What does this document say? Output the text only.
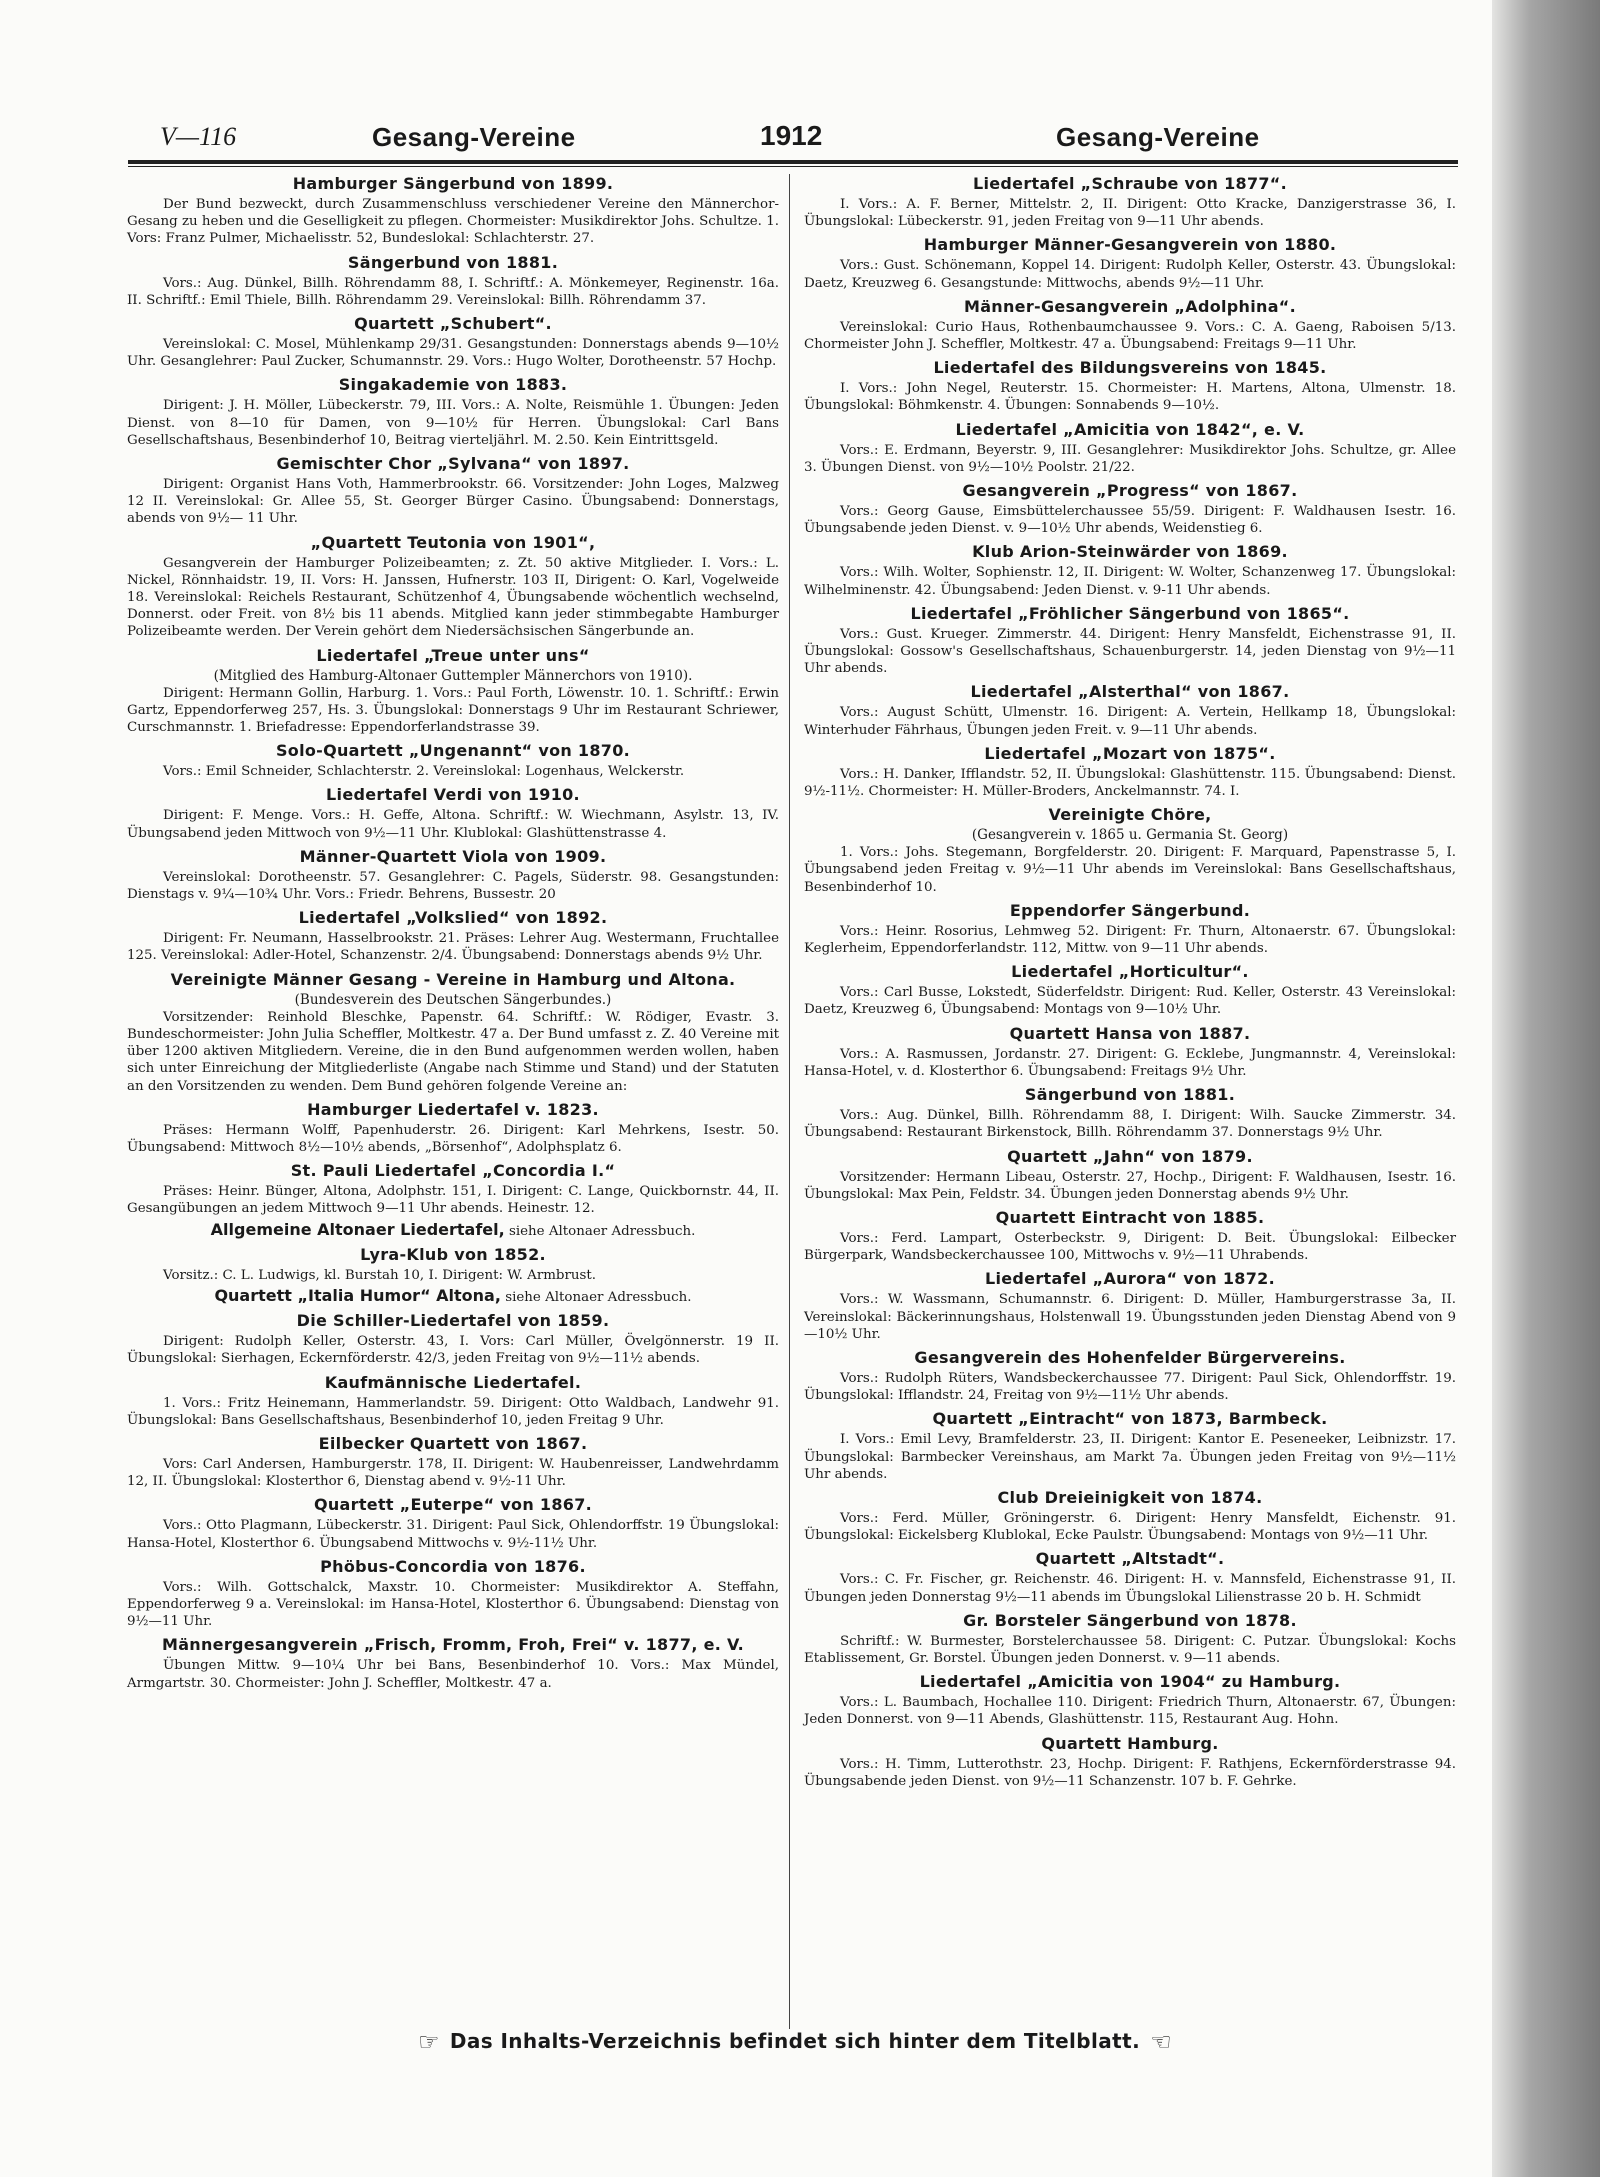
V—116	Gesang-Vereine	1912	Gesang-Vereine
Hamburger Sängerbund von 1899.
Der Bund bezweckt, durch Zusammenschluss verschiedener Vereine den Männerchor-Gesang zu heben und die Geselligkeit zu pflegen. Chormeister: Musikdirektor Johs. Schultze. 1. Vors: Franz Pulmer, Michaelisstr. 52, Bundeslokal: Schlachterstr. 27.
Sängerbund von 1881.
Vors.: Aug. Dünkel, Billh. Röhrendamm 88, I. Schriftf.: A. Mönkemeyer, Reginenstr. 16a. II. Schriftf.: Emil Thiele, Billh. Röhrendamm 29. Vereinslokal: Billh. Röhrendamm 37.
Quartett „Schubert“.
Vereinslokal: C. Mosel, Mühlenkamp 29/31. Gesangstunden: Donnerstags abends 9—10½ Uhr. Gesanglehrer: Paul Zucker, Schumannstr. 29. Vors.: Hugo Wolter, Dorotheenstr. 57 Hochp.
Singakademie von 1883.
Dirigent: J. H. Möller, Lübeckerstr. 79, III. Vors.: A. Nolte, Reismühle 1. Übungen: Jeden Dienst. von 8—10 für Damen, von 9—10½ für Herren. Übungslokal: Carl Bans Gesellschaftshaus, Besenbinderhof 10, Beitrag vierteljährl. M. 2.50. Kein Eintrittsgeld.
Gemischter Chor „Sylvana“ von 1897.
Dirigent: Organist Hans Voth, Hammerbrookstr. 66. Vorsitzender: John Loges, Malzweg 12 II. Vereinslokal: Gr. Allee 55, St. Georger Bürger Casino. Übungsabend: Donnerstags, abends von 9½— 11 Uhr.
„Quartett Teutonia von 1901“,
Gesangverein der Hamburger Polizeibeamten; z. Zt. 50 aktive Mitglieder. I. Vors.: L. Nickel, Rönnhaidstr. 19, II. Vors: H. Janssen, Hufnerstr. 103 II, Dirigent: O. Karl, Vogelweide 18. Vereinslokal: Reichels Restaurant, Schützenhof 4, Übungsabende wöchentlich wechselnd, Donnerst. oder Freit. von 8½ bis 11 abends. Mitglied kann jeder stimmbegabte Hamburger Polizeibeamte werden. Der Verein gehört dem Niedersächsischen Sängerbunde an.
Liedertafel „Treue unter uns“
(Mitglied des Hamburg-Altonaer Guttempler Männerchors von 1910).
Dirigent: Hermann Gollin, Harburg. 1. Vors.: Paul Forth, Löwenstr. 10. 1. Schriftf.: Erwin Gartz, Eppendorferweg 257, Hs. 3. Übungslokal: Donnerstags 9 Uhr im Restaurant Schriewer, Curschmannstr. 1. Briefadresse: Eppendorferlandstrasse 39.
Solo-Quartett „Ungenannt“ von 1870.
Vors.: Emil Schneider, Schlachterstr. 2. Vereinslokal: Logenhaus, Welckerstr.
Liedertafel Verdi von 1910.
Dirigent: F. Menge. Vors.: H. Geffe, Altona. Schriftf.: W. Wiechmann, Asylstr. 13, IV. Übungsabend jeden Mittwoch von 9½—11 Uhr. Klublokal: Glashüttenstrasse 4.
Männer-Quartett Viola von 1909.
Vereinslokal: Dorotheenstr. 57. Gesanglehrer: C. Pagels, Süderstr. 98. Gesangstunden: Dienstags v. 9¼—10¾ Uhr. Vors.: Friedr. Behrens, Bussestr. 20
Liedertafel „Volkslied“ von 1892.
Dirigent: Fr. Neumann, Hasselbrookstr. 21. Präses: Lehrer Aug. Westermann, Fruchtallee 125. Vereinslokal: Adler-Hotel, Schanzenstr. 2/4. Übungsabend: Donnerstags abends 9½ Uhr.
Vereinigte Männer Gesang - Vereine in Hamburg und Altona.
(Bundesverein des Deutschen Sängerbundes.)
Vorsitzender: Reinhold Bleschke, Papenstr. 64. Schriftf.: W. Rödiger, Evastr. 3. Bundeschormeister: John Julia Scheffler, Moltkestr. 47 a. Der Bund umfasst z. Z. 40 Vereine mit über 1200 aktiven Mitgliedern. Vereine, die in den Bund aufgenommen werden wollen, haben sich unter Einreichung der Mitgliederliste (Angabe nach Stimme und Stand) und der Statuten an den Vorsitzenden zu wenden. Dem Bund gehören folgende Vereine an:
Hamburger Liedertafel v. 1823.
Präses: Hermann Wolff, Papenhuderstr. 26. Dirigent: Karl Mehrkens, Isestr. 50. Übungsabend: Mittwoch 8½—10½ abends, „Börsenhof“, Adolphsplatz 6.
St. Pauli Liedertafel „Concordia I.“
Präses: Heinr. Bünger, Altona, Adolphstr. 151, I. Dirigent: C. Lange, Quickbornstr. 44, II. Gesangübungen an jedem Mittwoch 9—11 Uhr abends. Heinestr. 12.
Allgemeine Altonaer Liedertafel, siehe Altonaer Adressbuch.
Lyra-Klub von 1852.
Vorsitz.: C. L. Ludwigs, kl. Burstah 10, I. Dirigent: W. Armbrust.
Quartett „Italia Humor“ Altona, siehe Altonaer Adressbuch.
Die Schiller-Liedertafel von 1859.
Dirigent: Rudolph Keller, Osterstr. 43, I. Vors: Carl Müller, Övelgönnerstr. 19 II. Übungslokal: Sierhagen, Eckernförderstr. 42/3, jeden Freitag von 9½—11½ abends.
Kaufmännische Liedertafel.
1. Vors.: Fritz Heinemann, Hammerlandstr. 59. Dirigent: Otto Waldbach, Landwehr 91. Übungslokal: Bans Gesellschaftshaus, Besenbinderhof 10, jeden Freitag 9 Uhr.
Eilbecker Quartett von 1867.
Vors: Carl Andersen, Hamburgerstr. 178, II. Dirigent: W. Haubenreisser, Landwehrdamm 12, II. Übungslokal: Klosterthor 6, Dienstag abend v. 9½-11 Uhr.
Quartett „Euterpe“ von 1867.
Vors.: Otto Plagmann, Lübeckerstr. 31. Dirigent: Paul Sick, Ohlendorffstr. 19 Übungslokal: Hansa-Hotel, Klosterthor 6. Übungsabend Mittwochs v. 9½-11½ Uhr.
Phöbus-Concordia von 1876.
Vors.: Wilh. Gottschalck, Maxstr. 10. Chormeister: Musikdirektor A. Steffahn, Eppendorferweg 9 a. Vereinslokal: im Hansa-Hotel, Klosterthor 6. Übungsabend: Dienstag von 9½—11 Uhr.
Männergesangverein „Frisch, Fromm, Froh, Frei“ v. 1877, e. V.
Übungen Mittw. 9—10¼ Uhr bei Bans, Besenbinderhof 10. Vors.: Max Mündel, Armgartstr. 30. Chormeister: John J. Scheffler, Moltkestr. 47 a.
Liedertafel „Schraube von 1877“.
I. Vors.: A. F. Berner, Mittelstr. 2, II. Dirigent: Otto Kracke, Danzigerstrasse 36, I. Übungslokal: Lübeckerstr. 91, jeden Freitag von 9—11 Uhr abends.
Hamburger Männer-Gesangverein von 1880.
Vors.: Gust. Schönemann, Koppel 14. Dirigent: Rudolph Keller, Osterstr. 43. Übungslokal: Daetz, Kreuzweg 6. Gesangstunde: Mittwochs, abends 9½—11 Uhr.
Männer-Gesangverein „Adolphina“.
Vereinslokal: Curio Haus, Rothenbaumchaussee 9. Vors.: C. A. Gaeng, Raboisen 5/13. Chormeister John J. Scheffler, Moltkestr. 47 a. Übungsabend: Freitags 9—11 Uhr.
Liedertafel des Bildungsvereins von 1845.
I. Vors.: John Negel, Reuterstr. 15. Chormeister: H. Martens, Altona, Ulmenstr. 18. Übungslokal: Böhmkenstr. 4. Übungen: Sonnabends 9—10½.
Liedertafel „Amicitia von 1842“, e. V.
Vors.: E. Erdmann, Beyerstr. 9, III. Gesanglehrer: Musikdirektor Johs. Schultze, gr. Allee 3. Übungen Dienst. von 9½—10½ Poolstr. 21/22.
Gesangverein „Progress“ von 1867.
Vors.: Georg Gause, Eimsbüttelerchaussee 55/59. Dirigent: F. Waldhausen Isestr. 16. Übungsabende jeden Dienst. v. 9—10½ Uhr abends, Weidenstieg 6.
Klub Arion-Steinwärder von 1869.
Vors.: Wilh. Wolter, Sophienstr. 12, II. Dirigent: W. Wolter, Schanzenweg 17. Übungslokal: Wilhelminenstr. 42. Übungsabend: Jeden Dienst. v. 9-11 Uhr abends.
Liedertafel „Fröhlicher Sängerbund von 1865“.
Vors.: Gust. Krueger. Zimmerstr. 44. Dirigent: Henry Mansfeldt, Eichenstrasse 91, II. Übungslokal: Gossow's Gesellschaftshaus, Schauenburgerstr. 14, jeden Dienstag von 9½—11 Uhr abends.
Liedertafel „Alsterthal“ von 1867.
Vors.: August Schütt, Ulmenstr. 16. Dirigent: A. Vertein, Hellkamp 18, Übungslokal: Winterhuder Fährhaus, Übungen jeden Freit. v. 9—11 Uhr abends.
Liedertafel „Mozart von 1875“.
Vors.: H. Danker, Ifflandstr. 52, II. Übungslokal: Glashüttenstr. 115. Übungsabend: Dienst. 9½-11½. Chormeister: H. Müller-Broders, Anckelmannstr. 74. I.
Vereinigte Chöre,
(Gesangverein v. 1865 u. Germania St. Georg)
1. Vors.: Johs. Stegemann, Borgfelderstr. 20. Dirigent: F. Marquard, Papenstrasse 5, I. Übungsabend jeden Freitag v. 9½—11 Uhr abends im Vereinslokal: Bans Gesellschaftshaus, Besenbinderhof 10.
Eppendorfer Sängerbund.
Vors.: Heinr. Rosorius, Lehmweg 52. Dirigent: Fr. Thurn, Altonaerstr. 67. Übungslokal: Keglerheim, Eppendorferlandstr. 112, Mittw. von 9—11 Uhr abends.
Liedertafel „Horticultur“.
Vors.: Carl Busse, Lokstedt, Süderfeldstr. Dirigent: Rud. Keller, Osterstr. 43 Vereinslokal: Daetz, Kreuzweg 6, Übungsabend: Montags von 9—10½ Uhr.
Quartett Hansa von 1887.
Vors.: A. Rasmussen, Jordanstr. 27. Dirigent: G. Ecklebe, Jungmannstr. 4, Vereinslokal: Hansa-Hotel, v. d. Klosterthor 6. Übungsabend: Freitags 9½ Uhr.
Sängerbund von 1881.
Vors.: Aug. Dünkel, Billh. Röhrendamm 88, I. Dirigent: Wilh. Saucke Zimmerstr. 34. Übungsabend: Restaurant Birkenstock, Billh. Röhrendamm 37. Donnerstags 9½ Uhr.
Quartett „Jahn“ von 1879.
Vorsitzender: Hermann Libeau, Osterstr. 27, Hochp., Dirigent: F. Waldhausen, Isestr. 16. Übungslokal: Max Pein, Feldstr. 34. Übungen jeden Donnerstag abends 9½ Uhr.
Quartett Eintracht von 1885.
Vors.: Ferd. Lampart, Osterbeckstr. 9, Dirigent: D. Beit. Übungslokal: Eilbecker Bürgerpark, Wandsbeckerchaussee 100, Mittwochs v. 9½—11 Uhrabends.
Liedertafel „Aurora“ von 1872.
Vors.: W. Wassmann, Schumannstr. 6. Dirigent: D. Müller, Hamburgerstrasse 3a, II. Vereinslokal: Bäckerinnungshaus, Holstenwall 19. Übungsstunden jeden Dienstag Abend von 9—10½ Uhr.
Gesangverein des Hohenfelder Bürgervereins.
Vors.: Rudolph Rüters, Wandsbeckerchaussee 77. Dirigent: Paul Sick, Ohlendorffstr. 19. Übungslokal: Ifflandstr. 24, Freitag von 9½—11½ Uhr abends.
Quartett „Eintracht“ von 1873, Barmbeck.
I. Vors.: Emil Levy, Bramfelderstr. 23, II. Dirigent: Kantor E. Peseneeker, Leibnizstr. 17. Übungslokal: Barmbecker Vereinshaus, am Markt 7a. Übungen jeden Freitag von 9½—11½ Uhr abends.
Club Dreieinigkeit von 1874.
Vors.: Ferd. Müller, Gröningerstr. 6. Dirigent: Henry Mansfeldt, Eichenstr. 91. Übungslokal: Eickelsberg Klublokal, Ecke Paulstr. Übungsabend: Montags von 9½—11 Uhr.
Quartett „Altstadt“.
Vors.: C. Fr. Fischer, gr. Reichenstr. 46. Dirigent: H. v. Mannsfeld, Eichenstrasse 91, II. Übungen jeden Donnerstag 9½—11 abends im Übungslokal Lilienstrasse 20 b. H. Schmidt
Gr. Borsteler Sängerbund von 1878.
Schriftf.: W. Burmester, Borstelerchaussee 58. Dirigent: C. Putzar. Übungslokal: Kochs Etablissement, Gr. Borstel. Übungen jeden Donnerst. v. 9—11 abends.
Liedertafel „Amicitia von 1904“ zu Hamburg.
Vors.: L. Baumbach, Hochallee 110. Dirigent: Friedrich Thurn, Altonaerstr. 67, Übungen: Jeden Donnerst. von 9—11 Abends, Glashüttenstr. 115, Restaurant Aug. Hohn.
Quartett Hamburg.
Vors.: H. Timm, Lutterothstr. 23, Hochp. Dirigent: F. Rathjens, Eckernförderstrasse 94. Übungsabende jeden Dienst. von 9½—11 Schanzenstr. 107 b. F. Gehrke.
☞ Das Inhalts-Verzeichnis befindet sich hinter dem Titelblatt. ☜
